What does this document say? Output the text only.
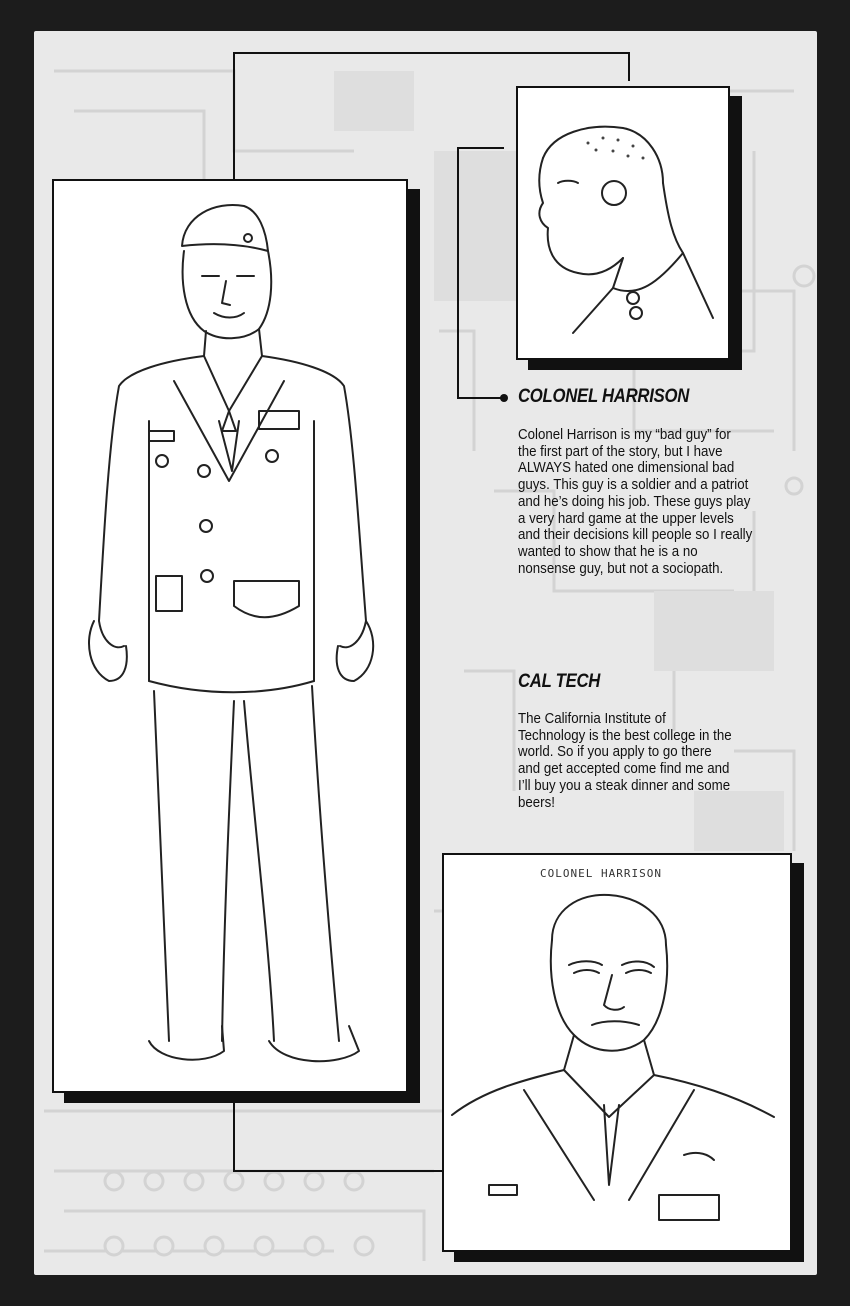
COLONEL HARRISON

Colonel Harrison is my “bad guy” for the first part of the story, but I have ALWAYS hated one dimensional bad guys. This guy is a soldier and a patriot and he’s doing his job. These guys play a very hard game at the upper levels and their decisions kill people so I really wanted to show that he is a no nonsense guy, but not a sociopath.

CAL TECH

The California Institute of Technology is the best college in the world. So if you apply to go there and get accepted come find me and I’ll buy you a steak dinner and some beers!

COLONEL HARRISON
